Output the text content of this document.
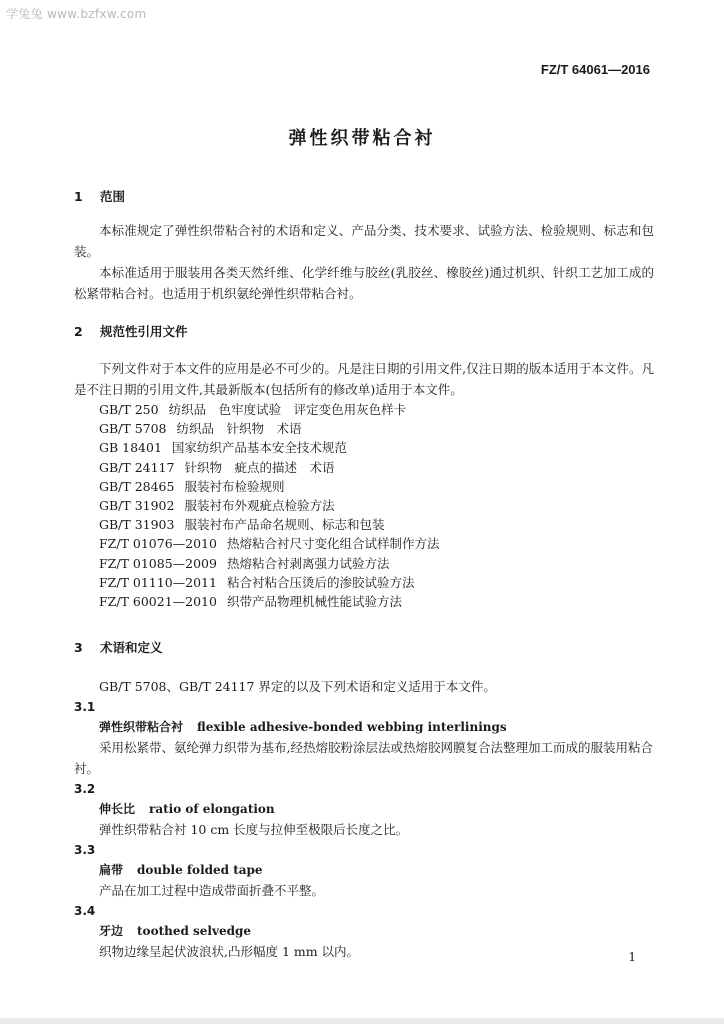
学兔兔 www.bzfxw.com
FZ/T 64061—2016
弹性织带粘合衬
1 范围

本标准规定了弹性织带粘合衬的术语和定义、产品分类、技术要求、试验方法、检验规则、标志和包装。

本标准适用于服装用各类天然纤维、化学纤维与胶丝(乳胶丝、橡胶丝)通过机织、针织工艺加工成的松紧带粘合衬。也适用于机织氨纶弹性织带粘合衬。

2 规范性引用文件

下列文件对于本文件的应用是必不可少的。凡是注日期的引用文件,仅注日期的版本适用于本文件。凡是不注日期的引用文件,其最新版本(包括所有的修改单)适用于本文件。

GB/T 250 纺织品　色牢度试验　评定变色用灰色样卡
GB/T 5708 纺织品　针织物　术语
GB 18401 国家纺织产品基本安全技术规范
GB/T 24117 针织物　疵点的描述　术语
GB/T 28465 服装衬布检验规则
GB/T 31902 服装衬布外观疵点检验方法
GB/T 31903 服装衬布产品命名规则、标志和包装
FZ/T 01076—2010 热熔粘合衬尺寸变化组合试样制作方法
FZ/T 01085—2009 热熔粘合衬剥离强力试验方法
FZ/T 01110—2011 粘合衬粘合压烫后的渗胶试验方法
FZ/T 60021—2010 织带产品物理机械性能试验方法
3 术语和定义

GB/T 5708、GB/T 24117 界定的以及下列术语和定义适用于本文件。

3.1
弹性织带粘合衬 flexible adhesive-bonded webbing interlinings

采用松紧带、氨纶弹力织带为基布,经热熔胶粉涂层法或热熔胶网膜复合法整理加工而成的服装用粘合衬。

3.2
伸长比 ratio of elongation

弹性织带粘合衬 10 cm 长度与拉伸至极限后长度之比。

3.3
扁带 double folded tape

产品在加工过程中造成带面折叠不平整。

3.4
牙边 toothed selvedge

织物边缘呈起伏波浪状,凸形幅度 1 mm 以内。	1
